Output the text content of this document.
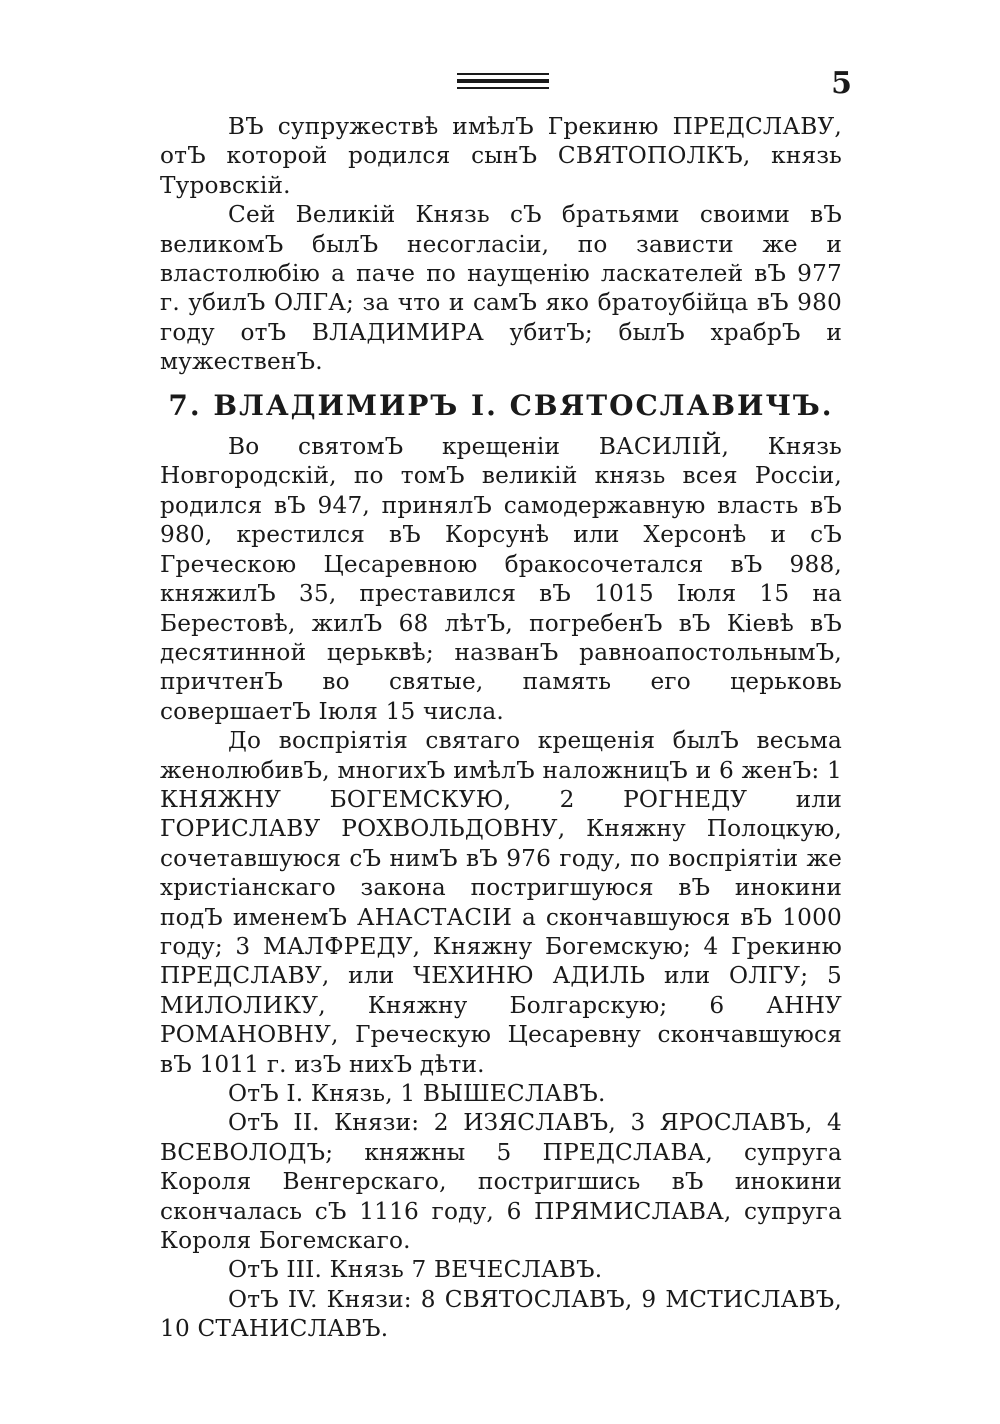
5

ВЪ супружествѣ имѣлЪ Грекиню ПРЕДСЛАВУ, отЪ которой родился сынЪ СВЯТОПОЛКЪ, князь Туровскій.

Сей Великій Князь сЪ братьями своими вЪ великомЪ былЪ несогласіи, по зависти же и властолюбію а паче по наущенію ласкателей вЪ 977 г. убилЪ ОЛГА; за что и самЪ яко братоубійца вЪ 980 году отЪ ВЛАДИМИРА убитЪ; былЪ храбрЪ и мужественЪ.

7. ВЛАДИМИРЪ I. СВЯТОСЛАВИЧЪ.

Во святомЪ крещеніи ВАСИЛІЙ, Князь Новгородскій, по томЪ великій князь всея Россіи, родился вЪ 947, принялЪ самодержавную власть вЪ 980, крестился вЪ Корсунѣ или Херсонѣ и сЪ Греческою Цесаревною бракосочетался вЪ 988, княжилЪ 35, преставился вЪ 1015 Іюля 15 на Берестовѣ, жилЪ 68 лѣтЪ, погребенЪ вЪ Кіевѣ вЪ десятинной церьквѣ; названЪ равноапостольнымЪ, причтенЪ во святые, память его церьковь совершаетЪ Іюля 15 числа.

До воспріятія святаго крещенія былЪ весьма женолюбивЪ, многихЪ имѣлЪ наложницЪ и 6 женЪ: 1 КНЯЖНУ БОГЕМСКУЮ, 2 РОГНЕДУ или ГОРИСЛАВУ РОХВОЛЬДОВНУ, Княжну Полоцкую, сочетавшуюся сЪ нимЪ вЪ 976 году, по воспріятіи же христіанскаго закона постригшуюся вЪ инокини подЪ именемЪ АНАСТАСІИ а скончавшуюся вЪ 1000 году; 3 МАЛФРЕДУ, Княжну Богемскую; 4 Грекиню ПРЕДСЛАВУ, или ЧЕХИНЮ АДИЛЬ или ОЛГУ; 5 МИЛОЛИКУ, Княжну Болгарскую; 6 АННУ РОМАНОВНУ, Греческую Цесаревну скончавшуюся вЪ 1011 г. изЪ нихЪ дѣти.

ОтЪ I. Князь, 1 ВЫШЕСЛАВЪ.

ОтЪ II. Князи: 2 ИЗЯСЛАВЪ, 3 ЯРОСЛАВЪ, 4 ВСЕВОЛОДЪ; княжны 5 ПРЕДСЛАВА, супруга Короля Венгерскаго, постригшись вЪ инокини скончалась сЪ 1116 году, 6 ПРЯМИСЛАВА, супруга Короля Богемскаго.

ОтЪ III. Князь 7 ВЕЧЕСЛАВЪ.

ОтЪ IV. Князи: 8 СВЯТОСЛАВЪ, 9 МСТИСЛАВЪ, 10 СТАНИСЛАВЪ.
